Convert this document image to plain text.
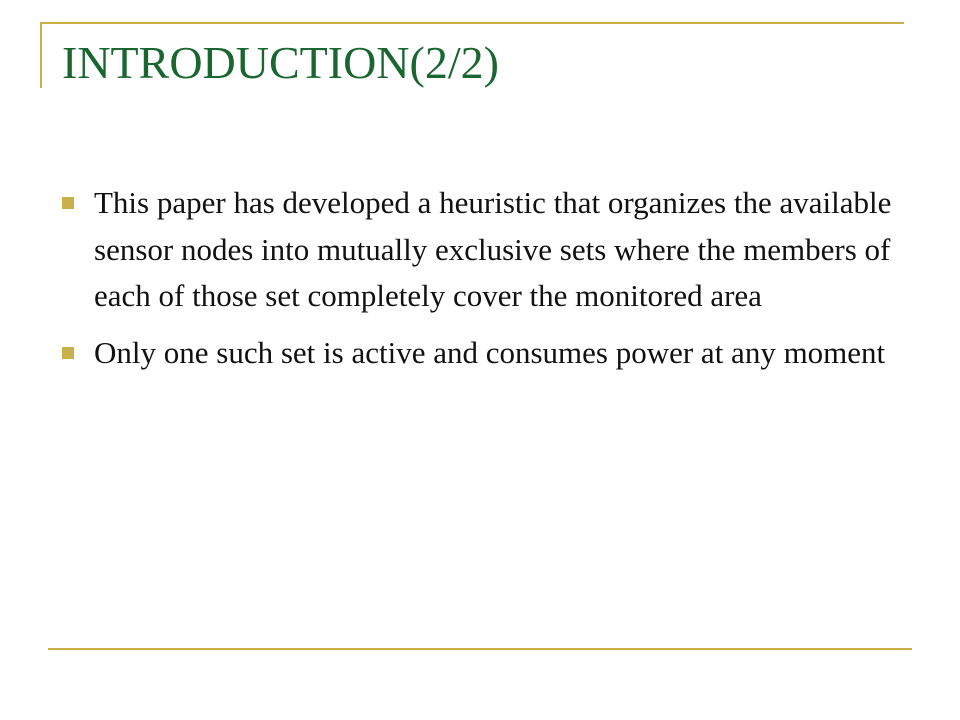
INTRODUCTION(2/2)
This paper has developed a heuristic that organizes the available sensor nodes into mutually exclusive sets where the members of each of those set completely cover the monitored area
Only one such set is active and consumes power at any moment
